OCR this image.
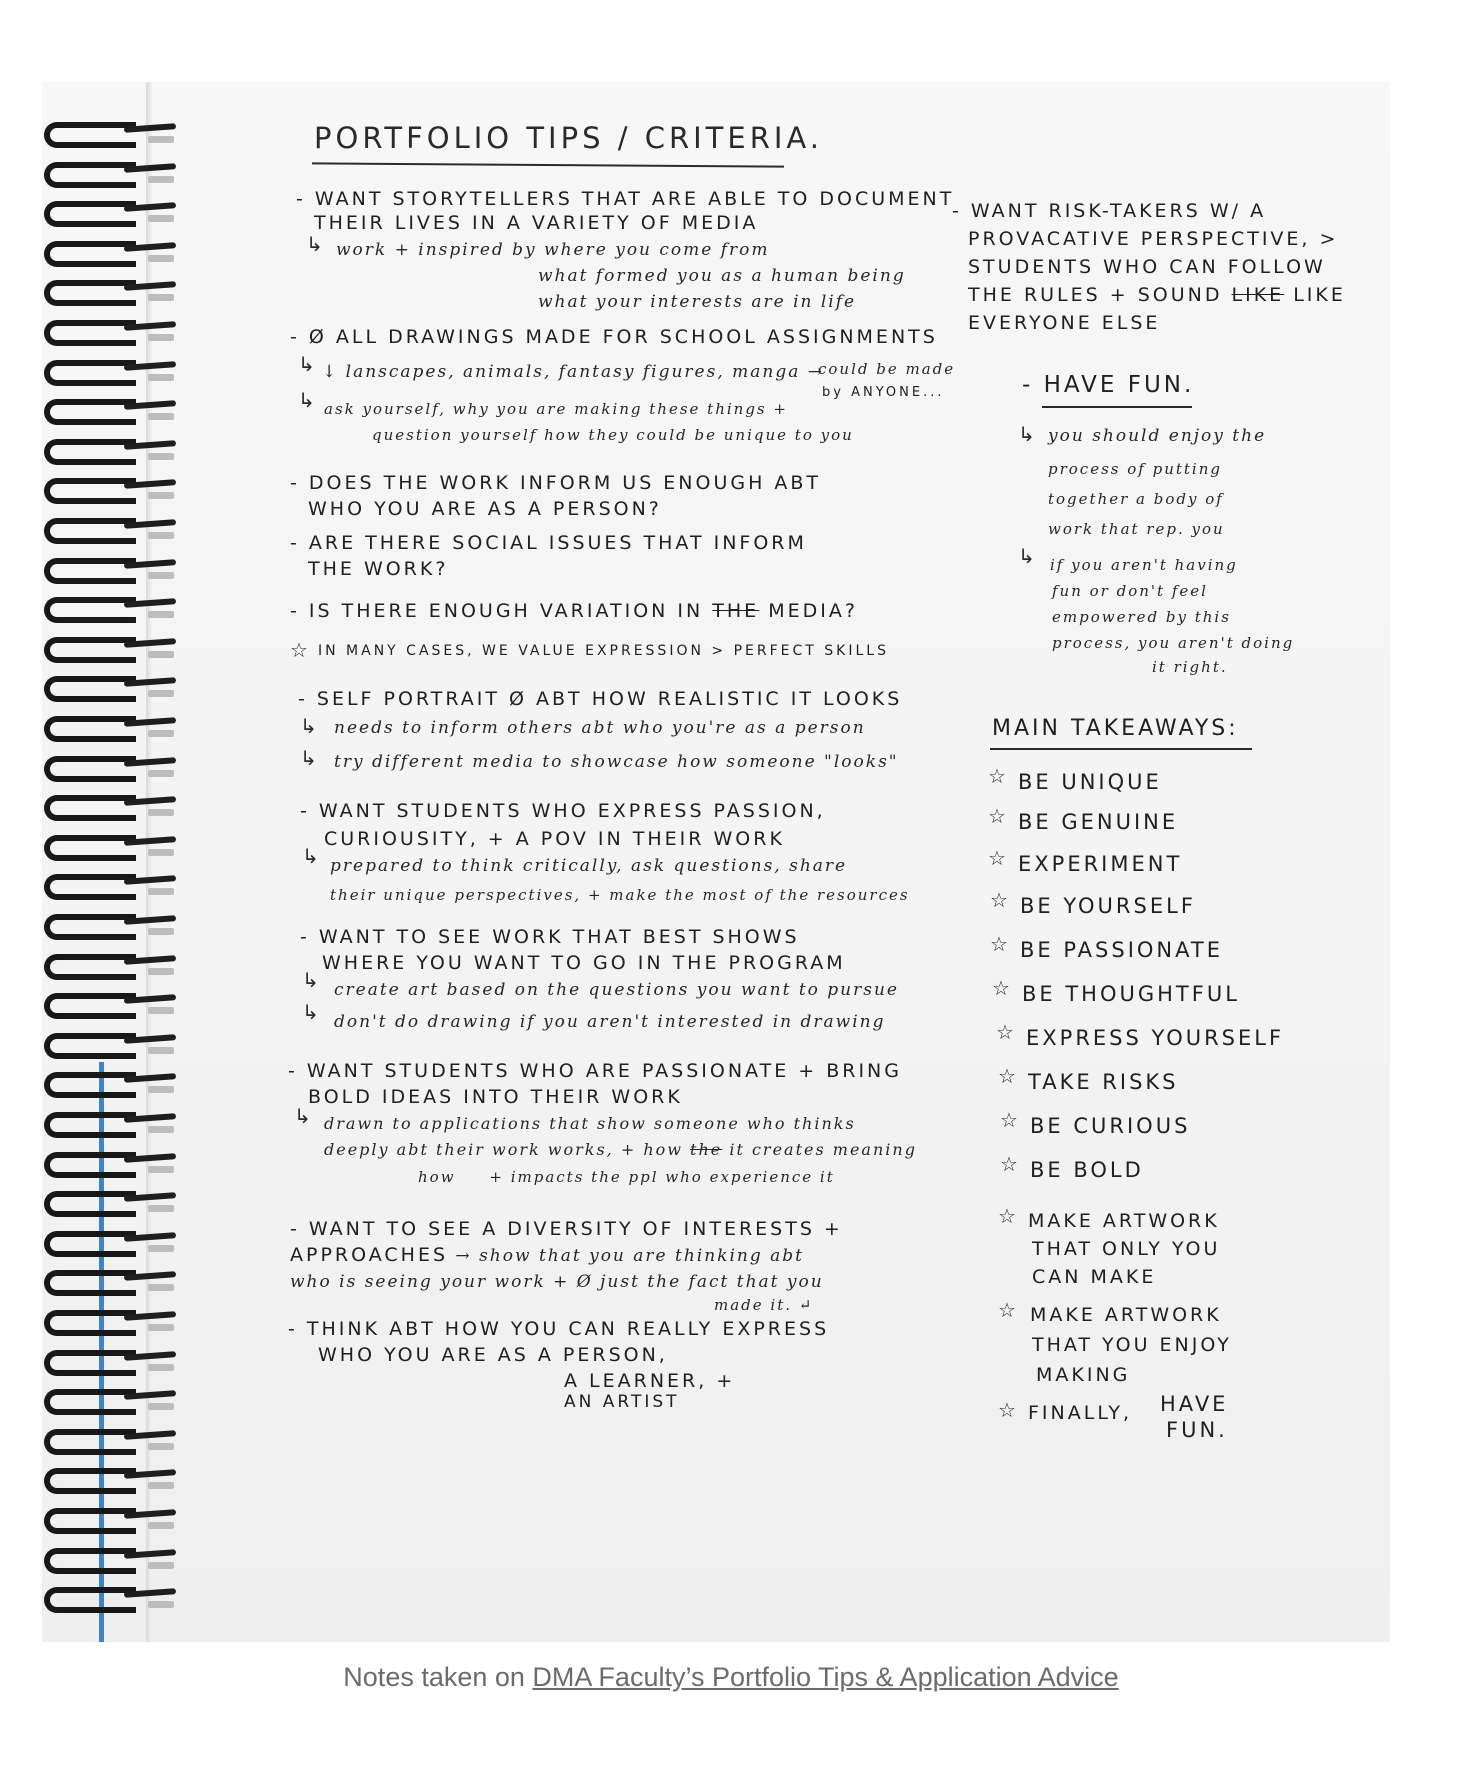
PORTFOLIO TIPS / CRITERIA.
- WANT STORYTELLERS THAT ARE ABLE TO DOCUMENT
THEIR LIVES IN A VARIETY OF MEDIA
↳ work + inspired by where you come from
what formed you as a human being
what your interests are in life
- Ø ALL DRAWINGS MADE FOR SCHOOL ASSIGNMENTS
↳ ↓ lanscapes, animals, fantasy figures, manga →
could be made
by ANYONE...
↳ ask yourself, why you are making these things +
question yourself how they could be unique to you
- DOES THE WORK INFORM US ENOUGH ABT
WHO YOU ARE AS A PERSON?
- ARE THERE SOCIAL ISSUES THAT INFORM
THE WORK?
- IS THERE ENOUGH VARIATION IN THE MEDIA?
☆ IN MANY CASES, WE VALUE EXPRESSION > PERFECT SKILLS
- SELF PORTRAIT Ø ABT HOW REALISTIC IT LOOKS
↳ needs to inform others abt who you're as a person
↳ try different media to showcase how someone "looks"
- WANT STUDENTS WHO EXPRESS PASSION,
CURIOUSITY, + A POV IN THEIR WORK
↳ prepared to think critically, ask questions, share
their unique perspectives, + make the most of the resources
- WANT TO SEE WORK THAT BEST SHOWS
WHERE YOU WANT TO GO IN THE PROGRAM
↳ create art based on the questions you want to pursue
↳ don't do drawing if you aren't interested in drawing
- WANT STUDENTS WHO ARE PASSIONATE + BRING
BOLD IDEAS INTO THEIR WORK
↳ drawn to applications that show someone who thinks
deeply abt their work works, + how the it creates meaning
how     + impacts the ppl who experience it
- WANT TO SEE A DIVERSITY OF INTERESTS +
APPROACHES → show that you are thinking abt
who is seeing your work + Ø just the fact that you
made it. ↵
- THINK ABT HOW YOU CAN REALLY EXPRESS
WHO YOU ARE AS A PERSON,
A LEARNER, +
AN ARTIST
- WANT RISK-TAKERS W/ A
PROVACATIVE PERSPECTIVE, >
STUDENTS WHO CAN FOLLOW
THE RULES + SOUND LIKE LIKE
EVERYONE ELSE
- HAVE FUN.
↳ you should enjoy the
process of putting
together a body of
work that rep. you
↳ if you aren't having
fun or don't feel
empowered by this
process, you aren't doing
it right.
MAIN TAKEAWAYS:
☆ BE UNIQUE
☆ BE GENUINE
☆ EXPERIMENT
☆ BE YOURSELF
☆ BE PASSIONATE
☆ BE THOUGHTFUL
☆ EXPRESS YOURSELF
☆ TAKE RISKS
☆ BE CURIOUS
☆ BE BOLD
☆ MAKE ARTWORK
THAT ONLY YOU
CAN MAKE
☆ MAKE ARTWORK
THAT YOU ENJOY
MAKING
☆ FINALLY, HAVE
FUN.
Notes taken on DMA Faculty’s Portfolio Tips & Application Advice
